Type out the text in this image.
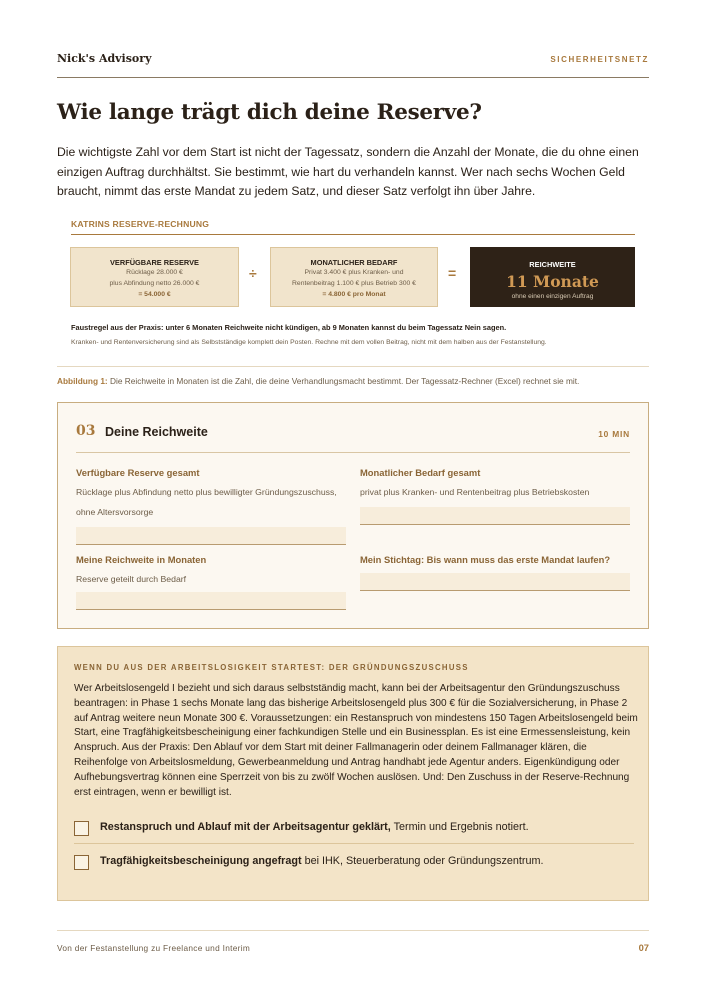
Nick's Advisory	SICHERHEITSNETZ
Wie lange trägt dich deine Reserve?

Die wichtigste Zahl vor dem Start ist nicht der Tagessatz, sondern die Anzahl der Monate, die du ohne einen einzigen Auftrag durchhältst. Sie bestimmt, wie hart du verhandeln kannst. Wer nach sechs Wochen Geld braucht, nimmt das erste Mandat zu jedem Satz, und dieser Satz verfolgt ihn über Jahre.

KATRINS RESERVE-RECHNUNG
VERFÜGBARE RESERVE
Rücklage 28.000 €
plus Abfindung netto 26.000 €
= 54.000 €
÷
MONATLICHER BEDARF
Privat 3.400 € plus Kranken- und
Rentenbeitrag 1.100 € plus Betrieb 300 €
= 4.800 € pro Monat
=
REICHWEITE
11 Monate
ohne einen einzigen Auftrag
Faustregel aus der Praxis: unter 6 Monaten Reichweite nicht kündigen, ab 9 Monaten kannst du beim Tagessatz Nein sagen.
Kranken- und Rentenversicherung sind als Selbstständige komplett dein Posten. Rechne mit dem vollen Beitrag, nicht mit dem halben aus der Festanstellung.
Abbildung 1: Die Reichweite in Monaten ist die Zahl, die deine Verhandlungsmacht bestimmt. Der Tagessatz-Rechner (Excel) rechnet sie mit.
03 Deine Reichweite	10 MIN
Verfügbare Reserve gesamt
Rücklage plus Abfindung netto plus bewilligter Gründungszuschuss, ohne Altersvorsorge
Monatlicher Bedarf gesamt
privat plus Kranken- und Rentenbeitrag plus Betriebskosten
Meine Reichweite in Monaten
Reserve geteilt durch Bedarf
Mein Stichtag: Bis wann muss das erste Mandat laufen?
WENN DU AUS DER ARBEITSLOSIGKEIT STARTEST: DER GRÜNDUNGSZUSCHUSS
Wer Arbeitslosengeld I bezieht und sich daraus selbstständig macht, kann bei der Arbeitsagentur den Gründungszuschuss beantragen: in Phase 1 sechs Monate lang das bisherige Arbeitslosengeld plus 300 € für die Sozialversicherung, in Phase 2 auf Antrag weitere neun Monate 300 €. Voraussetzungen: ein Restanspruch von mindestens 150 Tagen Arbeitslosengeld beim Start, eine Tragfähigkeitsbescheinigung einer fachkundigen Stelle und ein Businessplan. Es ist eine Ermessensleistung, kein Anspruch. Aus der Praxis: Den Ablauf vor dem Start mit deiner Fallmanagerin oder deinem Fallmanager klären, die Reihenfolge von Arbeitslosmeldung, Gewerbeanmeldung und Antrag handhabt jede Agentur anders. Eigenkündigung oder Aufhebungsvertrag können eine Sperrzeit von bis zu zwölf Wochen auslösen. Und: Den Zuschuss in der Reserve-Rechnung erst eintragen, wenn er bewilligt ist.
Restanspruch und Ablauf mit der Arbeitsagentur geklärt, Termin und Ergebnis notiert.
Tragfähigkeitsbescheinigung angefragt bei IHK, Steuerberatung oder Gründungszentrum.
Von der Festanstellung zu Freelance und Interim	07
